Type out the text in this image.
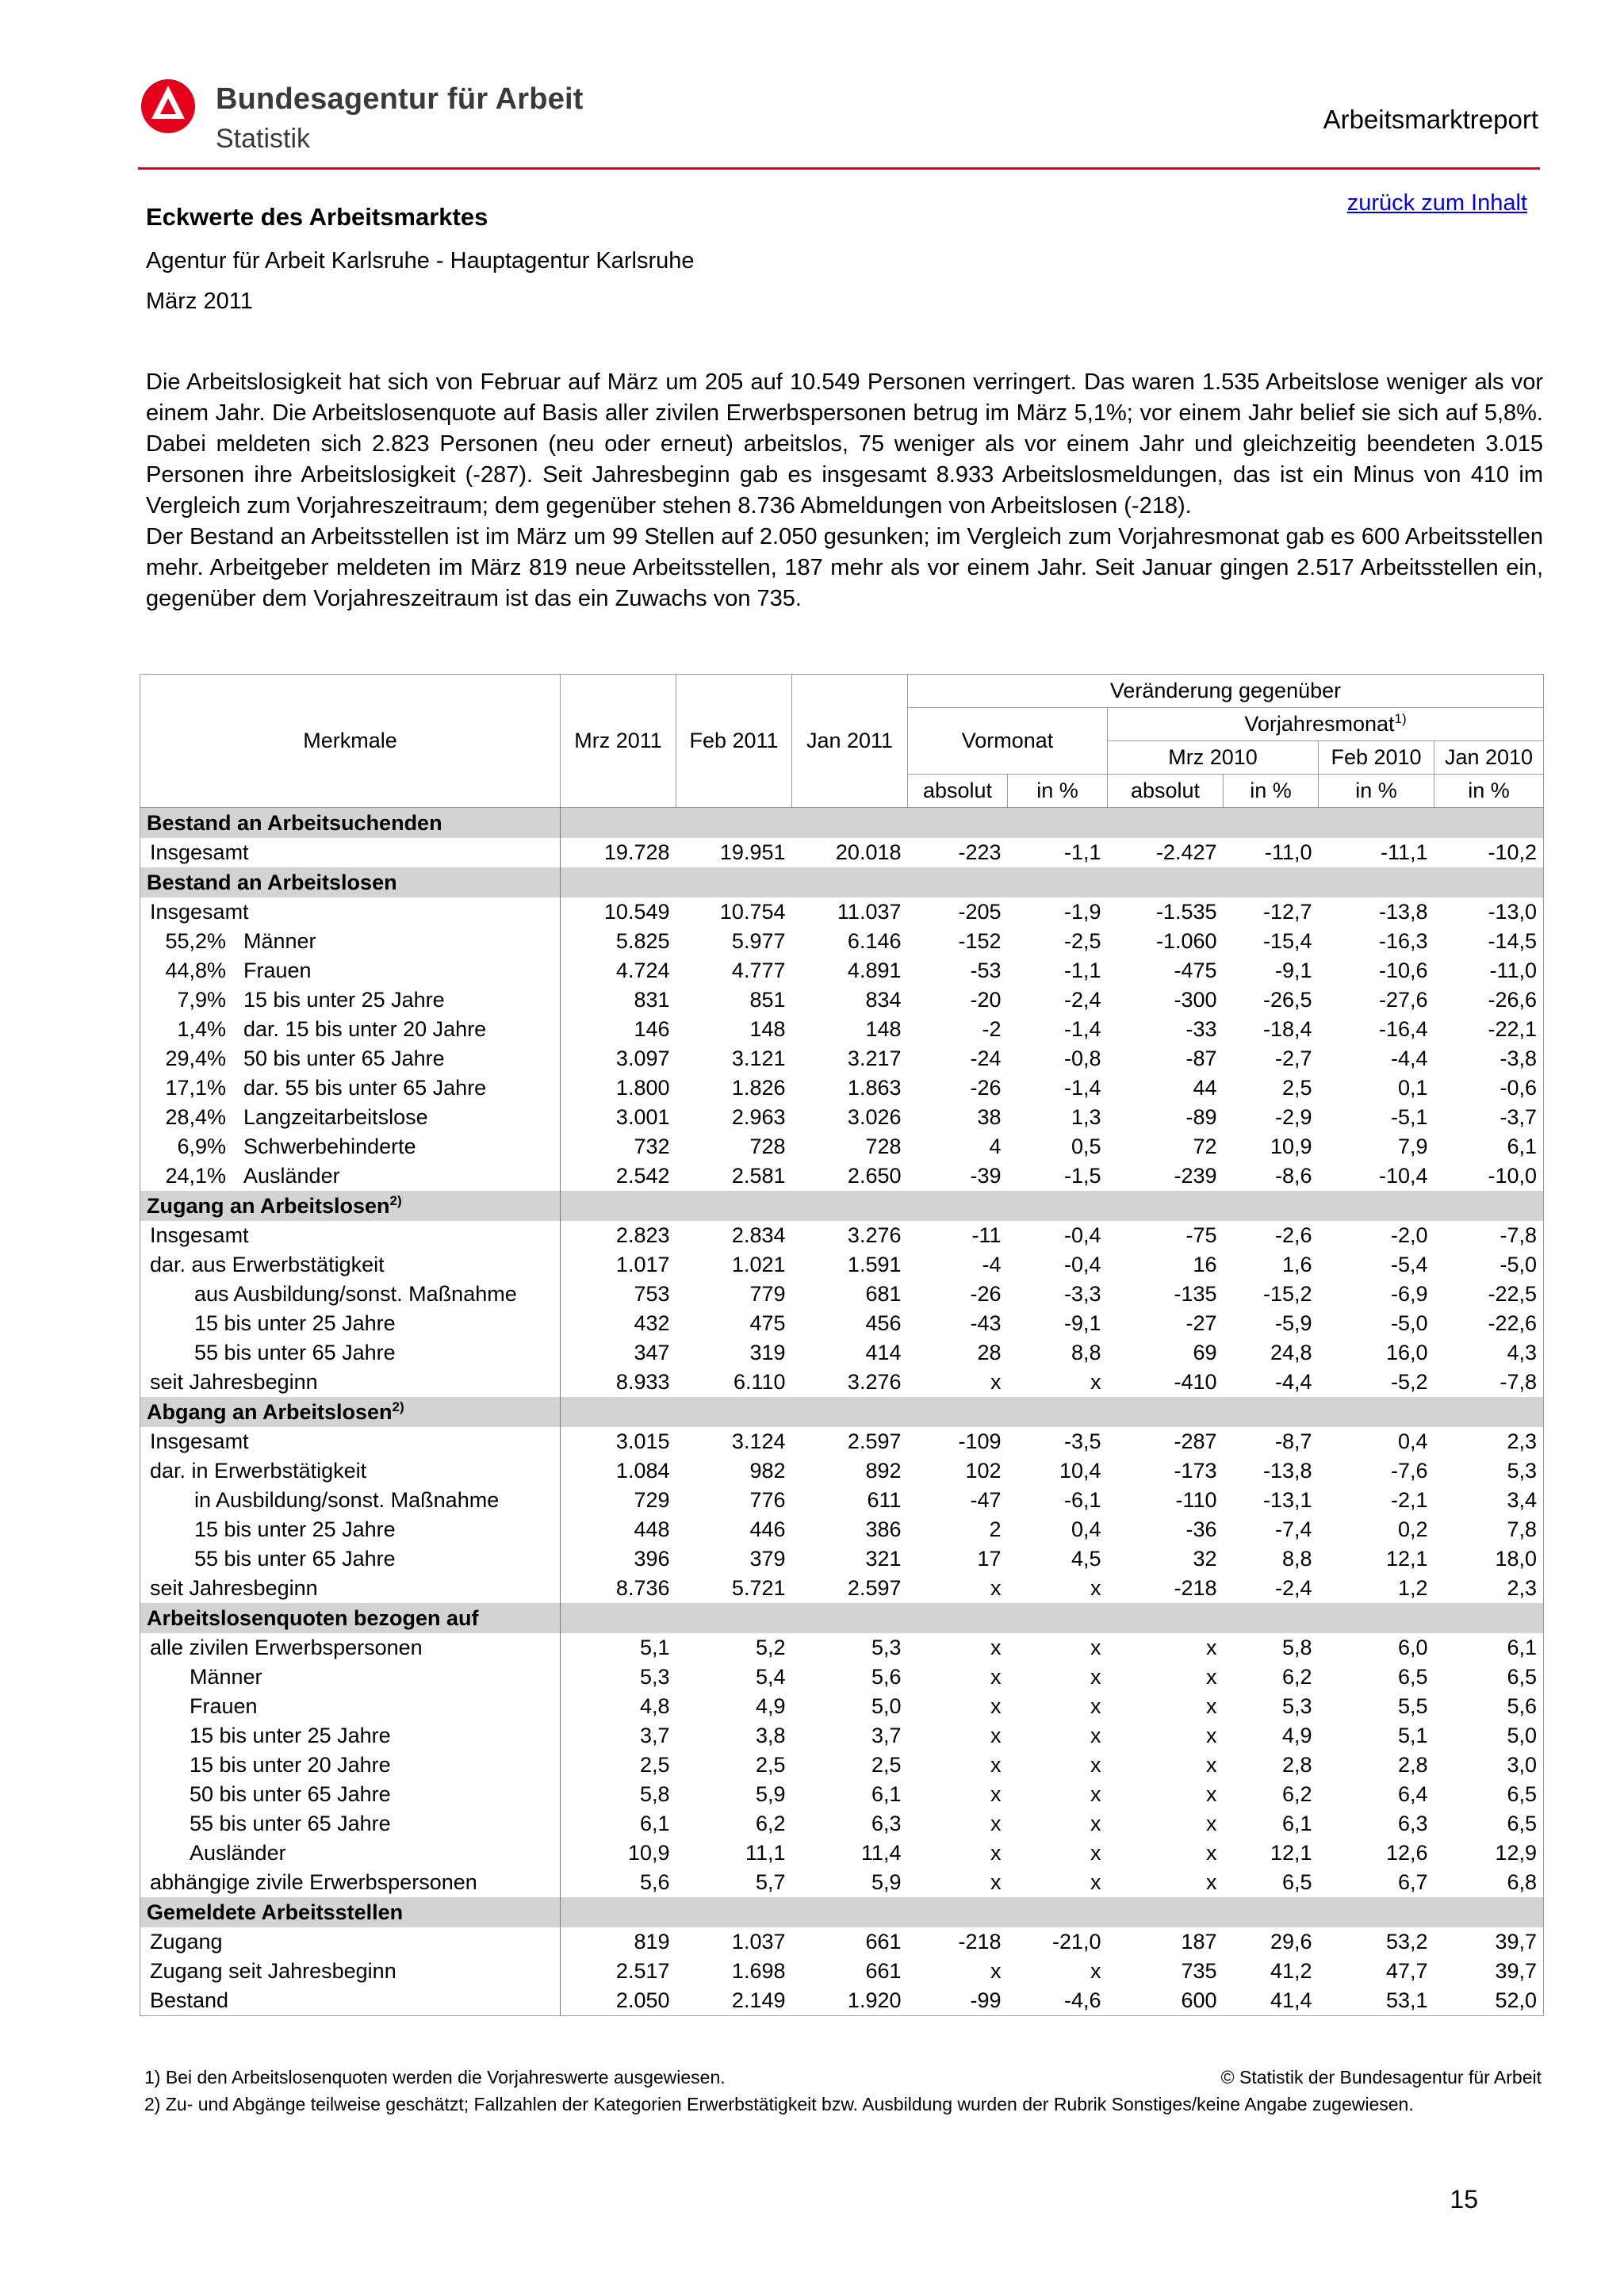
Bundesagentur für Arbeit
Statistik
Arbeitsmarktreport
zurück zum Inhalt
Eckwerte des Arbeitsmarktes
Agentur für Arbeit Karlsruhe - Hauptagentur Karlsruhe
März 2011

Die Arbeitslosigkeit hat sich von Februar auf März um 205 auf 10.549 Personen verringert. Das waren 1.535 Arbeitslose weniger als vor einem Jahr. Die Arbeitslosenquote auf Basis aller zivilen Erwerbspersonen betrug im März 5,1%; vor einem Jahr belief sie sich auf 5,8%. Dabei meldeten sich 2.823 Personen (neu oder erneut) arbeitslos, 75 weniger als vor einem Jahr und gleichzeitig beendeten 3.015 Personen ihre Arbeitslosigkeit (-287). Seit Jahresbeginn gab es insgesamt 8.933 Arbeitslosmeldungen, das ist ein Minus von 410 im Vergleich zum Vorjahreszeitraum; dem gegenüber stehen 8.736 Abmeldungen von Arbeitslosen (-218).

Der Bestand an Arbeitsstellen ist im März um 99 Stellen auf 2.050 gesunken; im Vergleich zum Vorjahresmonat gab es 600 Arbeitsstellen mehr. Arbeitgeber meldeten im März 819 neue Arbeitsstellen, 187 mehr als vor einem Jahr. Seit Januar gingen 2.517 Arbeitsstellen ein, gegenüber dem Vorjahreszeitraum ist das ein Zuwachs von 735.

Merkmale	Mrz 2011	Feb 2011	Jan 2011	Veränderung gegenüber					
				Vormonat		Vorjahresmonat$^{1)}$
						Mrz 2010		Feb 2010	Jan 2010
				absolut	in %	absolut	in %	in %	in %
Bestand an Arbeitsuchenden									
Insgesamt	19.728	19.951	20.018	-223	-1,1	-2.427	-11,0	-11,1	-10,2
Bestand an Arbeitslosen									
Insgesamt	10.549	10.754	11.037	-205	-1,9	-1.535	-12,7	-13,8	-13,0
55,2% Männer	5.825	5.977	6.146	-152	-2,5	-1.060	-15,4	-16,3	-14,5
44,8% Frauen	4.724	4.777	4.891	-53	-1,1	-475	-9,1	-10,6	-11,0
7,9% 15 bis unter 25 Jahre	831	851	834	-20	-2,4	-300	-26,5	-27,6	-26,6
1,4% dar. 15 bis unter 20 Jahre	146	148	148	-2	-1,4	-33	-18,4	-16,4	-22,1
29,4% 50 bis unter 65 Jahre	3.097	3.121	3.217	-24	-0,8	-87	-2,7	-4,4	-3,8
17,1% dar. 55 bis unter 65 Jahre	1.800	1.826	1.863	-26	-1,4	44	2,5	0,1	-0,6
28,4% Langzeitarbeitslose	3.001	2.963	3.026	38	1,3	-89	-2,9	-5,1	-3,7
6,9% Schwerbehinderte	732	728	728	4	0,5	72	10,9	7,9	6,1
24,1% Ausländer	2.542	2.581	2.650	-39	-1,5	-239	-8,6	-10,4	-10,0
Zugang an Arbeitslosen$^{2)}$	
Insgesamt	2.823	2.834	3.276	-11	-0,4	-75	-2,6	-2,0	-7,8
dar. aus Erwerbstätigkeit	1.017	1.021	1.591	-4	-0,4	16	1,6	-5,4	-5,0
aus Ausbildung/sonst. Maßnahme	753	779	681	-26	-3,3	-135	-15,2	-6,9	-22,5
15 bis unter 25 Jahre	432	475	456	-43	-9,1	-27	-5,9	-5,0	-22,6
55 bis unter 65 Jahre	347	319	414	28	8,8	69	24,8	16,0	4,3
seit Jahresbeginn	8.933	6.110	3.276	x	x	-410	-4,4	-5,2	-7,8
Abgang an Arbeitslosen$^{2)}$	
Insgesamt	3.015	3.124	2.597	-109	-3,5	-287	-8,7	0,4	2,3
dar. in Erwerbstätigkeit	1.084	982	892	102	10,4	-173	-13,8	-7,6	5,3
in Ausbildung/sonst. Maßnahme	729	776	611	-47	-6,1	-110	-13,1	-2,1	3,4
15 bis unter 25 Jahre	448	446	386	2	0,4	-36	-7,4	0,2	7,8
55 bis unter 65 Jahre	396	379	321	17	4,5	32	8,8	12,1	18,0
seit Jahresbeginn	8.736	5.721	2.597	x	x	-218	-2,4	1,2	2,3
Arbeitslosenquoten bezogen auf									
alle zivilen Erwerbspersonen	5,1	5,2	5,3	x	x	x	5,8	6,0	6,1
Männer	5,3	5,4	5,6	x	x	x	6,2	6,5	6,5
Frauen	4,8	4,9	5,0	x	x	x	5,3	5,5	5,6
15 bis unter 25 Jahre	3,7	3,8	3,7	x	x	x	4,9	5,1	5,0
15 bis unter 20 Jahre	2,5	2,5	2,5	x	x	x	2,8	2,8	3,0
50 bis unter 65 Jahre	5,8	5,9	6,1	x	x	x	6,2	6,4	6,5
55 bis unter 65 Jahre	6,1	6,2	6,3	x	x	x	6,1	6,3	6,5
Ausländer	10,9	11,1	11,4	x	x	x	12,1	12,6	12,9
abhängige zivile Erwerbspersonen	5,6	5,7	5,9	x	x	x	6,5	6,7	6,8
Gemeldete Arbeitsstellen									
Zugang	819	1.037	661	-218	-21,0	187	29,6	53,2	39,7
Zugang seit Jahresbeginn	2.517	1.698	661	x	x	735	41,2	47,7	39,7
Bestand	2.050	2.149	1.920	-99	-4,6	600	41,4	53,1	52,0
1) Bei den Arbeitslosenquoten werden die Vorjahreswerte ausgewiesen.
2) Zu- und Abgänge teilweise geschätzt; Fallzahlen der Kategorien Erwerbstätigkeit bzw. Ausbildung wurden der Rubrik Sonstiges/keine Angabe zugewiesen.
© Statistik der Bundesagentur für Arbeit
15
